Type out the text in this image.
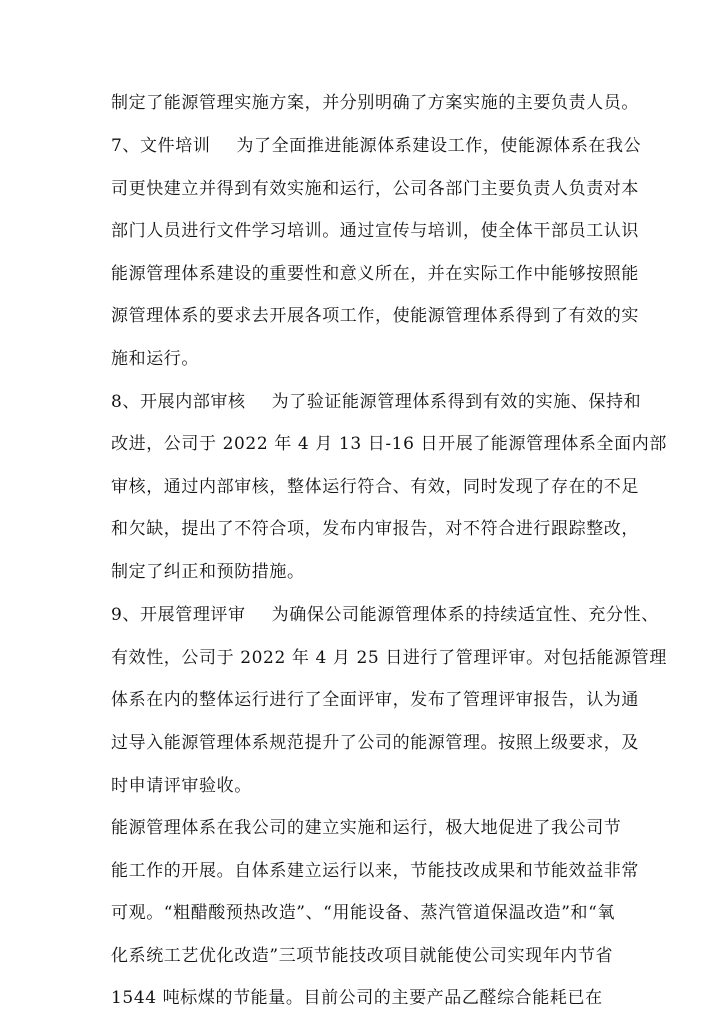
制定了能源管理实施方案，并分别明确了方案实施的主要负责人员。
7、文件培训 为了全面推进能源体系建设工作，使能源体系在我公
司更快建立并得到有效实施和运行，公司各部门主要负责人负责对本
部门人员进行文件学习培训。通过宣传与培训，使全体干部员工认识
能源管理体系建设的重要性和意义所在，并在实际工作中能够按照能
源管理体系的要求去开展各项工作，使能源管理体系得到了有效的实
施和运行。
8、开展内部审核 为了验证能源管理体系得到有效的实施、保持和
改进，公司于 2022 年 4 月 13 日-16 日开展了能源管理体系全面内部
审核，通过内部审核，整体运行符合、有效，同时发现了存在的不足
和欠缺，提出了不符合项，发布内审报告，对不符合进行跟踪整改，
制定了纠正和预防措施。
9、开展管理评审 为确保公司能源管理体系的持续适宜性、充分性、
有效性，公司于 2022 年 4 月 25 日进行了管理评审。对包括能源管理
体系在内的整体运行进行了全面评审，发布了管理评审报告，认为通
过导入能源管理体系规范提升了公司的能源管理。按照上级要求，及
时申请评审验收。
能源管理体系在我公司的建立实施和运行，极大地促进了我公司节
能工作的开展。自体系建立运行以来，节能技改成果和节能效益非常
可观。“粗醋酸预热改造”、“用能设备、蒸汽管道保温改造”和“氧
化系统工艺优化改造”三项节能技改项目就能使公司实现年内节省
1544 吨标煤的节能量。目前公司的主要产品乙醛综合能耗已在
